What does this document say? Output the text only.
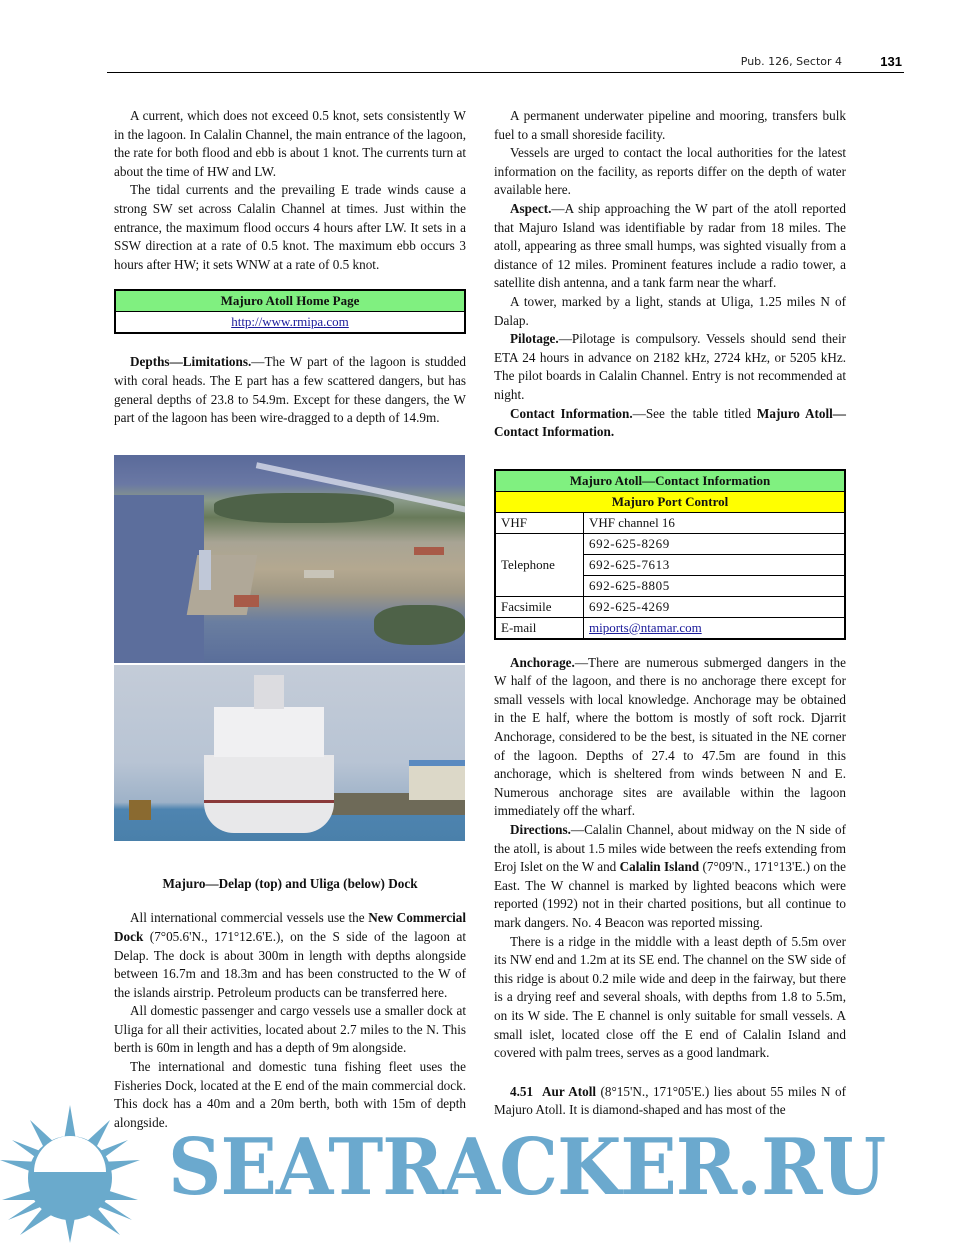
Pub. 126, Sector 4	131

A current, which does not exceed 0.5 knot, sets consistently W in the lagoon. In Calalin Channel, the main entrance of the lagoon, the rate for both flood and ebb is about 1 knot. The currents turn at about the time of HW and LW.

The tidal currents and the prevailing E trade winds cause a strong SW set across Calalin Channel at times. Just within the entrance, the maximum flood occurs 4 hours after LW. It sets in a SSW direction at a rate of 0.5 knot. The maximum ebb occurs 3 hours after HW; it sets WNW at a rate of 0.5 knot.

Majuro Atoll Home Page
http://www.rmipa.com

Depths—Limitations.—The W part of the lagoon is studded with coral heads. The E part has a few scattered dangers, but has general depths of 23.8 to 54.9m. Except for these dangers, the W part of the lagoon has been wire-dragged to a depth of 14.9m.

Majuro—Delap (top) and Uliga (below) Dock

All international commercial vessels use the New Commercial Dock (7°05.6'N., 171°12.6'E.), on the S side of the lagoon at Delap. The dock is about 300m in length with depths alongside between 16.7m and 18.3m and has been constructed to the W of the islands airstrip. Petroleum products can be transferred here.

All domestic passenger and cargo vessels use a smaller dock at Uliga for all their activities, located about 2.7 miles to the N. This berth is 60m in length and has a depth of 9m alongside.

The international and domestic tuna fishing fleet uses the Fisheries Dock, located at the E end of the main commercial dock. This dock has a 40m and a 20m berth, both with 15m of depth alongside.

A permanent underwater pipeline and mooring, transfers bulk fuel to a small shoreside facility.

Vessels are urged to contact the local authorities for the latest information on the facility, as reports differ on the depth of water available here.

Aspect.—A ship approaching the W part of the atoll reported that Majuro Island was identifiable by radar from 18 miles. The atoll, appearing as three small humps, was sighted visually from a distance of 12 miles. Prominent features include a radio tower, a satellite dish antenna, and a tank farm near the wharf.

A tower, marked by a light, stands at Uliga, 1.25 miles N of Dalap.

Pilotage.—Pilotage is compulsory. Vessels should send their ETA 24 hours in advance on 2182 kHz, 2724 kHz, or 5205 kHz. The pilot boards in Calalin Channel. Entry is not recommended at night.

Contact Information.—See the table titled Majuro Atoll—Contact Information.

Majuro Atoll—Contact Information	
Majuro Port Control	
VHF	VHF channel 16
Telephone	692-625-8269
	692-625-7613
	692-625-8805
Facsimile	692-625-4269
E-mail	miports@ntamar.com

Anchorage.—There are numerous submerged dangers in the W half of the lagoon, and there is no anchorage there except for small vessels with local knowledge. Anchorage may be obtained in the E half, where the bottom is mostly of soft rock. Djarrit Anchorage, considered to be the best, is situated in the NE corner of the lagoon. Depths of 27.4 to 47.5m are found in this anchorage, which is sheltered from winds between N and E. Numerous anchorage sites are available within the lagoon immediately off the wharf.

Directions.—Calalin Channel, about midway on the N side of the atoll, is about 1.5 miles wide between the reefs extending from Eroj Islet on the W and Calalin Island (7°09'N., 171°13'E.) on the East. The W channel is marked by lighted beacons which were reported (1992) not in their charted positions, but all continue to mark dangers. No. 4 Beacon was reported missing.

There is a ridge in the middle with a least depth of 5.5m over its NW end and 1.2m at its SE end. The channel on the SW side of this ridge is about 0.2 mile wide and deep in the fairway, but there is a drying reef and several shoals, with depths from 1.8 to 5.5m, on its W side. The E channel is only suitable for small vessels. A small islet, located close off the E end of Calalin Island and covered with palm trees, serves as a good landmark.

4.51 Aur Atoll (8°15'N., 171°05'E.) lies about 55 miles N of Majuro Atoll. It is diamond-shaped and has most of the

SEATRACKER.RU
